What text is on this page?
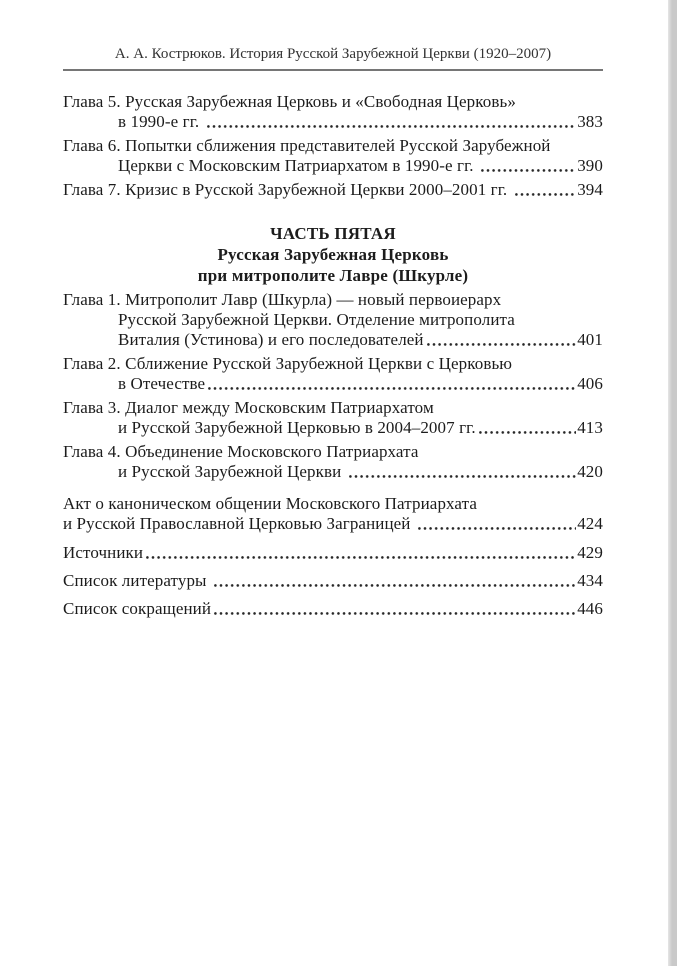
А. А. Кострюков. История Русской Зарубежной Церкви (1920–2007)
Глава 5. Русская Зарубежная Церковь и «Свободная Церковь»
в 1990-е гг.	383
Глава 6. Попытки сближения представителей Русской Зарубежной
Церкви с Московским Патриархатом в 1990-е гг.	390
Глава 7. Кризис в Русской Зарубежной Церкви 2000–2001 гг.	394
ЧАСТЬ ПЯТАЯ
Русская Зарубежная Церковь
при митрополите Лавре (Шкурле)
Глава 1. Митрополит Лавр (Шкурла) — новый первоиерарх
Русской Зарубежной Церкви. Отделение митрополита
Виталия (Устинова) и его последователей	401
Глава 2. Сближение Русской Зарубежной Церкви с Церковью
в Отечестве	406
Глава 3. Диалог между Московским Патриархатом
и Русской Зарубежной Церковью в 2004–2007 гг.	413
Глава 4. Объединение Московского Патриархата
и Русской Зарубежной Церкви	420
Акт о каноническом общении Московского Патриархата
и Русской Православной Церковью Заграницей	424
Источники	429
Список литературы	434
Список сокращений	446
